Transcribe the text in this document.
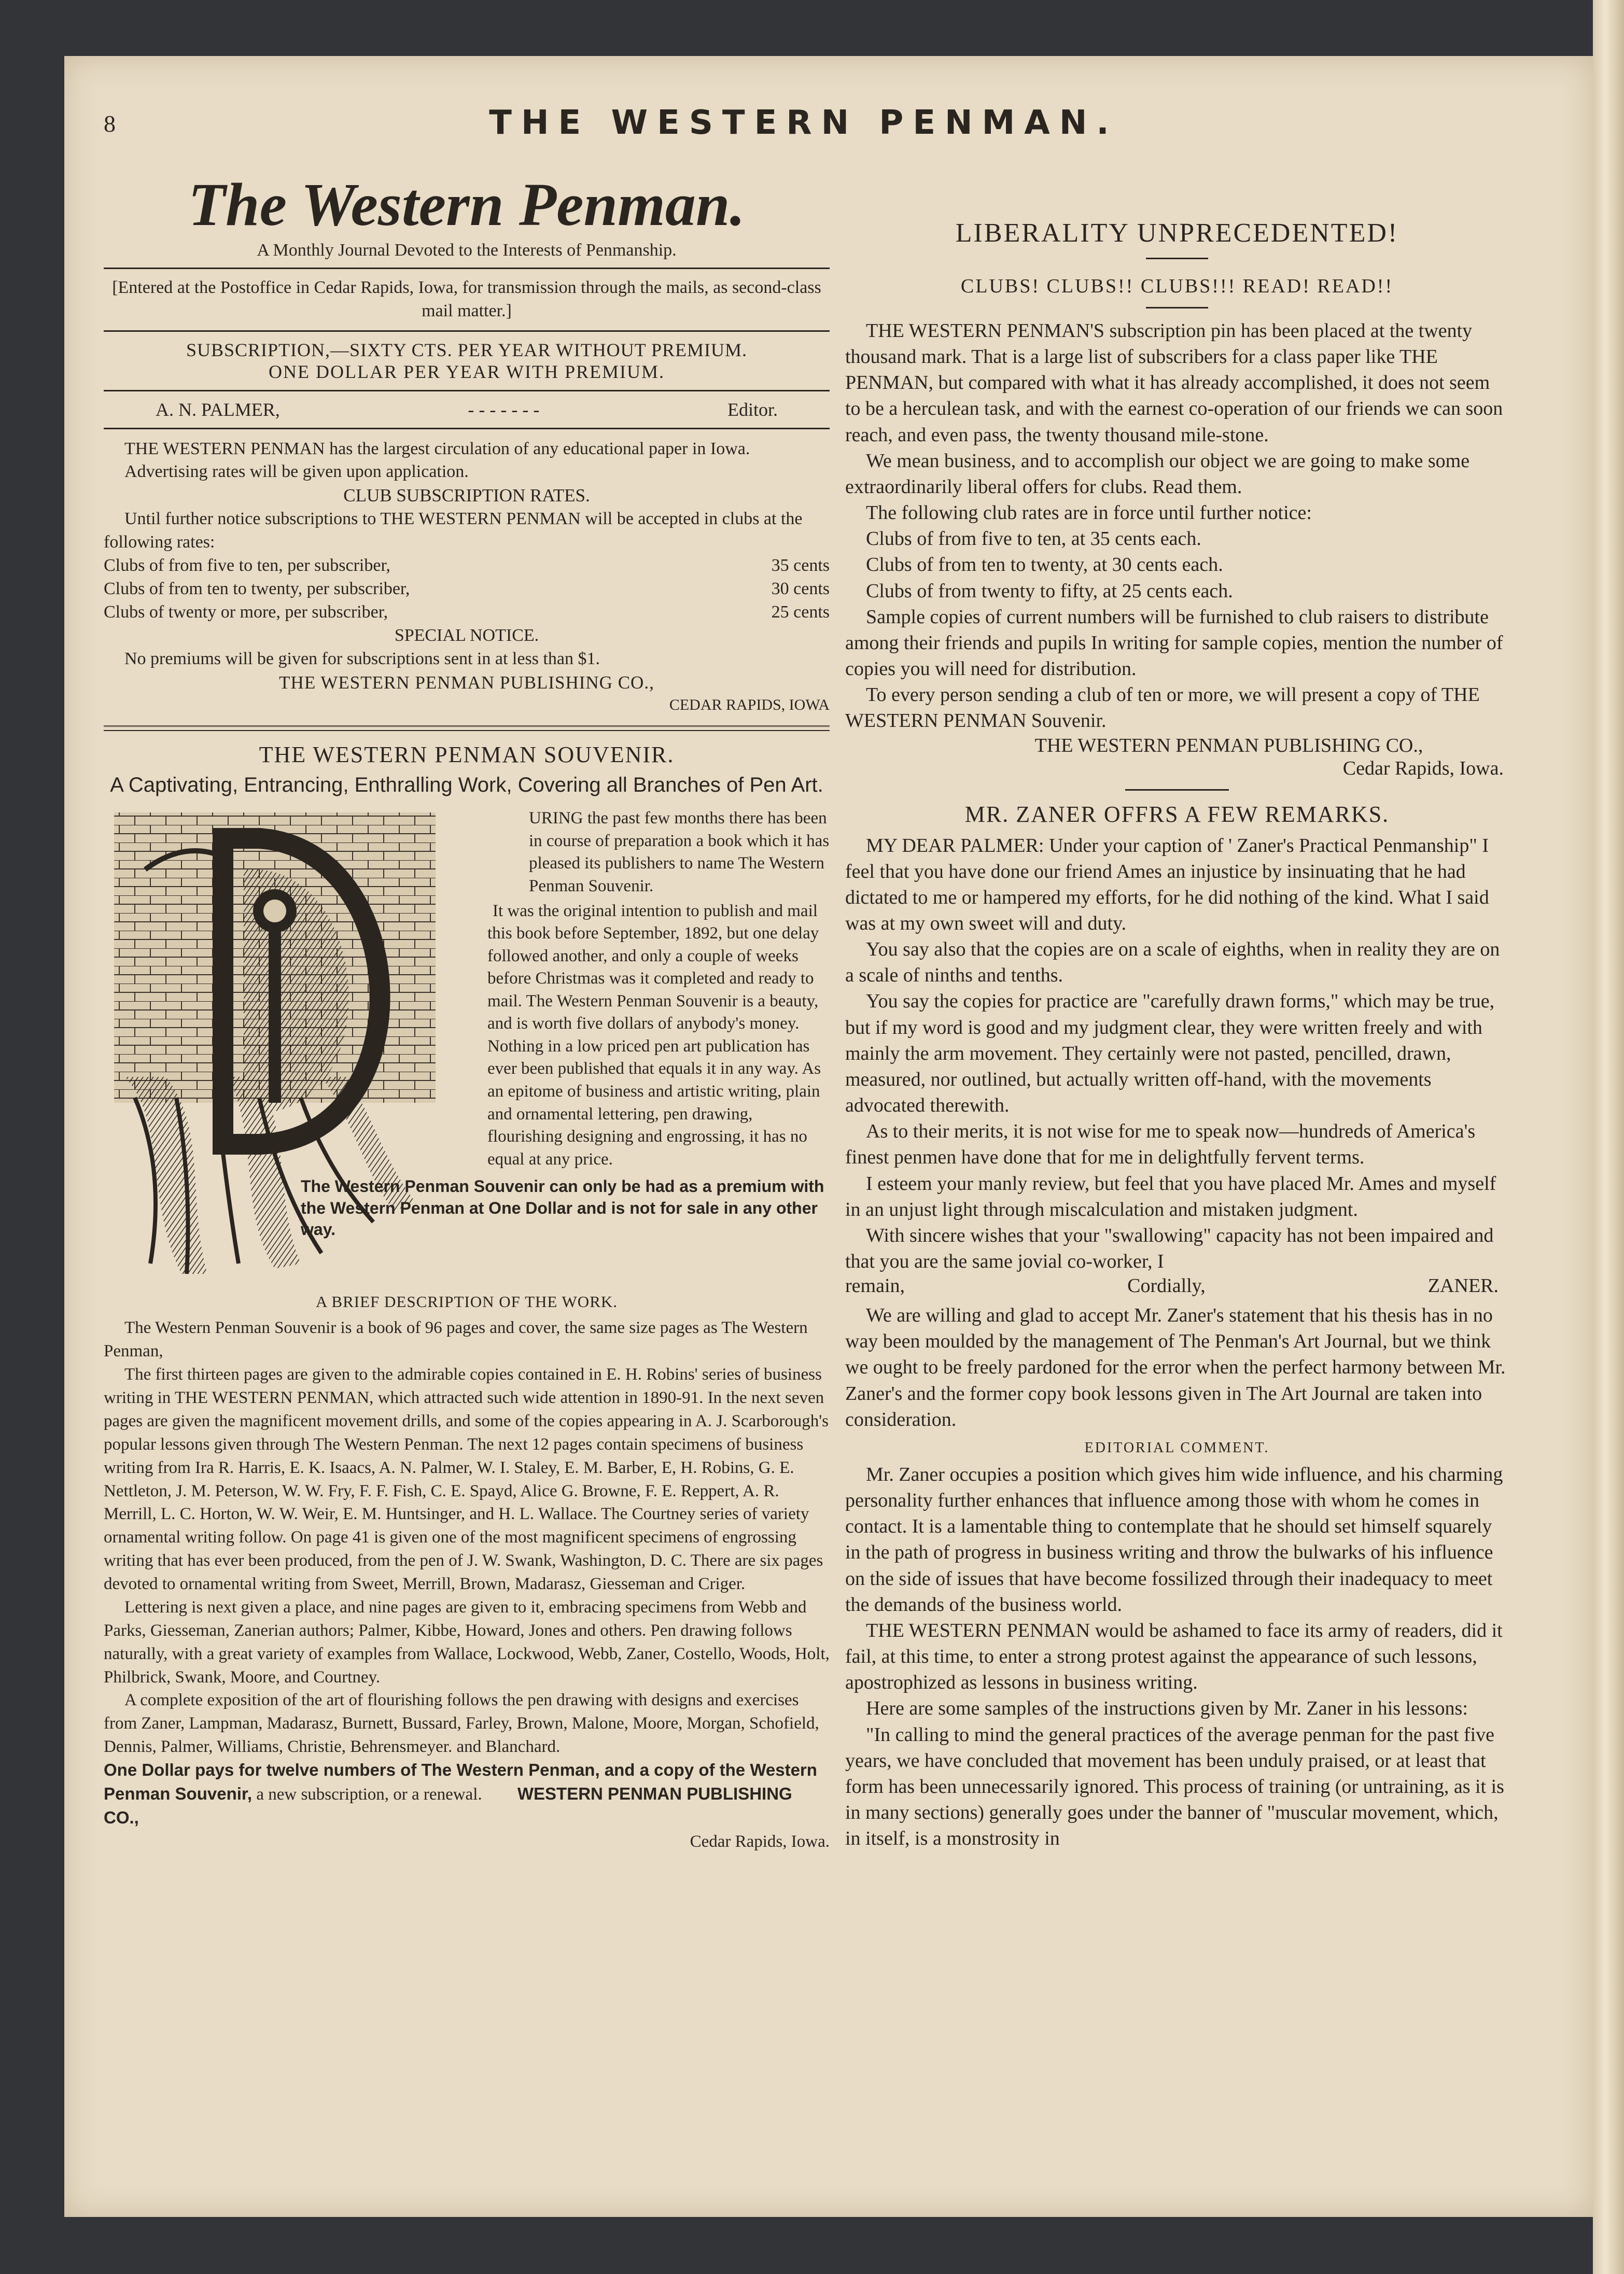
8	THE WESTERN PENMAN.
The Western Penman.
A Monthly Journal Devoted to the Interests of Penmanship.
[Entered at the Postoffice in Cedar Rapids, Iowa, for transmission through the mails, as second-class mail matter.]
SUBSCRIPTION,—SIXTY CTS. PER YEAR WITHOUT PREMIUM.
ONE DOLLAR PER YEAR WITH PREMIUM.
A. N. PALMER,	- - - - - - -	Editor.

THE WESTERN PENMAN has the largest circulation of any educational paper in Iowa.

Advertising rates will be given upon application.

CLUB SUBSCRIPTION RATES.

Until further notice subscriptions to THE WESTERN PENMAN will be accepted in clubs at the following rates:

Clubs of from five to ten, per subscriber,	35 cents
Clubs of from ten to twenty, per subscriber,	30 cents
Clubs of twenty or more, per subscriber,	25 cents
SPECIAL NOTICE.

No premiums will be given for subscriptions sent in at less than $1.

THE WESTERN PENMAN PUBLISHING CO.,
CEDAR RAPIDS, IOWA
THE WESTERN PENMAN SOUVENIR.
A Captivating, Entrancing, Enthralling Work, Covering all Branches of Pen Art.
URING the past few months there has been in course of preparation a book which it has pleased its publishers to name The Western Penman Souvenir.
It was the original intention to publish and mail this book before September, 1892, but one delay followed another, and only a couple of weeks before Christmas was it completed and ready to mail. The Western Penman Souvenir is a beauty, and is worth five dollars of anybody's money. Nothing in a low priced pen art publication has ever been published that equals it in any way. As an epitome of business and artistic writing, plain and ornamental lettering, pen drawing, flourishing designing and engrossing, it has no equal at any price.
The Western Penman Souvenir can only be had as a premium with the Western Penman at One Dollar and is not for sale in any other way.
A BRIEF DESCRIPTION OF THE WORK.

The Western Penman Souvenir is a book of 96 pages and cover, the same size pages as The Western Penman,

The first thirteen pages are given to the admirable copies contained in E. H. Robins' series of business writing in THE WESTERN PENMAN, which attracted such wide attention in 1890-91. In the next seven pages are given the magnificent movement drills, and some of the copies appearing in A. J. Scarborough's popular lessons given through The Western Penman. The next 12 pages contain specimens of business writing from Ira R. Harris, E. K. Isaacs, A. N. Palmer, W. I. Staley, E. M. Barber, E, H. Robins, G. E. Nettleton, J. M. Peterson, W. W. Fry, F. F. Fish, C. E. Spayd, Alice G. Browne, F. E. Reppert, A. R. Merrill, L. C. Horton, W. W. Weir, E. M. Huntsinger, and H. L. Wallace. The Courtney series of variety ornamental writing follow. On page 41 is given one of the most magnificent specimens of engrossing writing that has ever been produced, from the pen of J. W. Swank, Washington, D. C. There are six pages devoted to ornamental writing from Sweet, Merrill, Brown, Madarasz, Giesseman and Criger.

Lettering is next given a place, and nine pages are given to it, embracing specimens from Webb and Parks, Giesseman, Zanerian authors; Palmer, Kibbe, Howard, Jones and others. Pen drawing follows naturally, with a great variety of examples from Wallace, Lockwood, Webb, Zaner, Costello, Woods, Holt, Philbrick, Swank, Moore, and Courtney.

A complete exposition of the art of flourishing follows the pen drawing with designs and exercises from Zaner, Lampman, Madarasz, Burnett, Bussard, Farley, Brown, Malone, Moore, Morgan, Schofield, Dennis, Palmer, Williams, Christie, Behrensmeyer. and Blanchard.

One Dollar pays for twelve numbers of The Western Penman, and a copy of the Western Penman Souvenir, a new subscription, or a renewal. WESTERN PENMAN PUBLISHING CO.,

Cedar Rapids, Iowa.
LIBERALITY UNPRECEDENTED!
CLUBS! CLUBS!! CLUBS!!! READ! READ!!

THE WESTERN PENMAN'S subscription pin has been placed at the twenty thousand mark. That is a large list of subscribers for a class paper like THE PENMAN, but compared with what it has already accomplished, it does not seem to be a herculean task, and with the earnest co-operation of our friends we can soon reach, and even pass, the twenty thousand mile-stone.

We mean business, and to accomplish our object we are going to make some extraordinarily liberal offers for clubs. Read them.

The following club rates are in force until further notice:

Clubs of from five to ten, at 35 cents each.

Clubs of from ten to twenty, at 30 cents each.

Clubs of from twenty to fifty, at 25 cents each.

Sample copies of current numbers will be furnished to club raisers to distribute among their friends and pupils In writing for sample copies, mention the number of copies you will need for distribution.

To every person sending a club of ten or more, we will present a copy of THE WESTERN PENMAN Souvenir.

THE WESTERN PENMAN PUBLISHING CO.,
Cedar Rapids, Iowa.
MR. ZANER OFFRS A FEW REMARKS.

MY DEAR PALMER: Under your caption of ' Zaner's Practical Penmanship" I feel that you have done our friend Ames an injustice by insinuating that he had dictated to me or hampered my efforts, for he did nothing of the kind. What I said was at my own sweet will and duty.

You say also that the copies are on a scale of eighths, when in reality they are on a scale of ninths and tenths.

You say the copies for practice are "carefully drawn forms," which may be true, but if my word is good and my judgment clear, they were written freely and with mainly the arm movement. They certainly were not pasted, pencilled, drawn, measured, nor outlined, but actually written off-hand, with the movements advocated therewith.

As to their merits, it is not wise for me to speak now—hundreds of America's finest penmen have done that for me in delightfully fervent terms.

I esteem your manly review, but feel that you have placed Mr. Ames and myself in an unjust light through miscalculation and mistaken judgment.

With sincere wishes that your "swallowing" capacity has not been impaired and that you are the same jovial co-worker, I

remain,	Cordially,	ZANER.

We are willing and glad to accept Mr. Zaner's statement that his thesis has in no way been moulded by the management of The Penman's Art Journal, but we think we ought to be freely pardoned for the error when the perfect harmony between Mr. Zaner's and the former copy book lessons given in The Art Journal are taken into consideration.

EDITORIAL COMMENT.

Mr. Zaner occupies a position which gives him wide influence, and his charming personality further enhances that influence among those with whom he comes in contact. It is a lamentable thing to contemplate that he should set himself squarely in the path of progress in business writing and throw the bulwarks of his influence on the side of issues that have become fossilized through their inadequacy to meet the demands of the business world.

THE WESTERN PENMAN would be ashamed to face its army of readers, did it fail, at this time, to enter a strong protest against the appearance of such lessons, apostrophized as lessons in business writing.

Here are some samples of the instructions given by Mr. Zaner in his lessons:

"In calling to mind the general practices of the average penman for the past five years, we have concluded that movement has been unduly praised, or at least that form has been unnecessarily ignored. This process of training (or untraining, as it is in many sections) generally goes under the banner of "muscular movement, which, in itself, is a monstrosity in
